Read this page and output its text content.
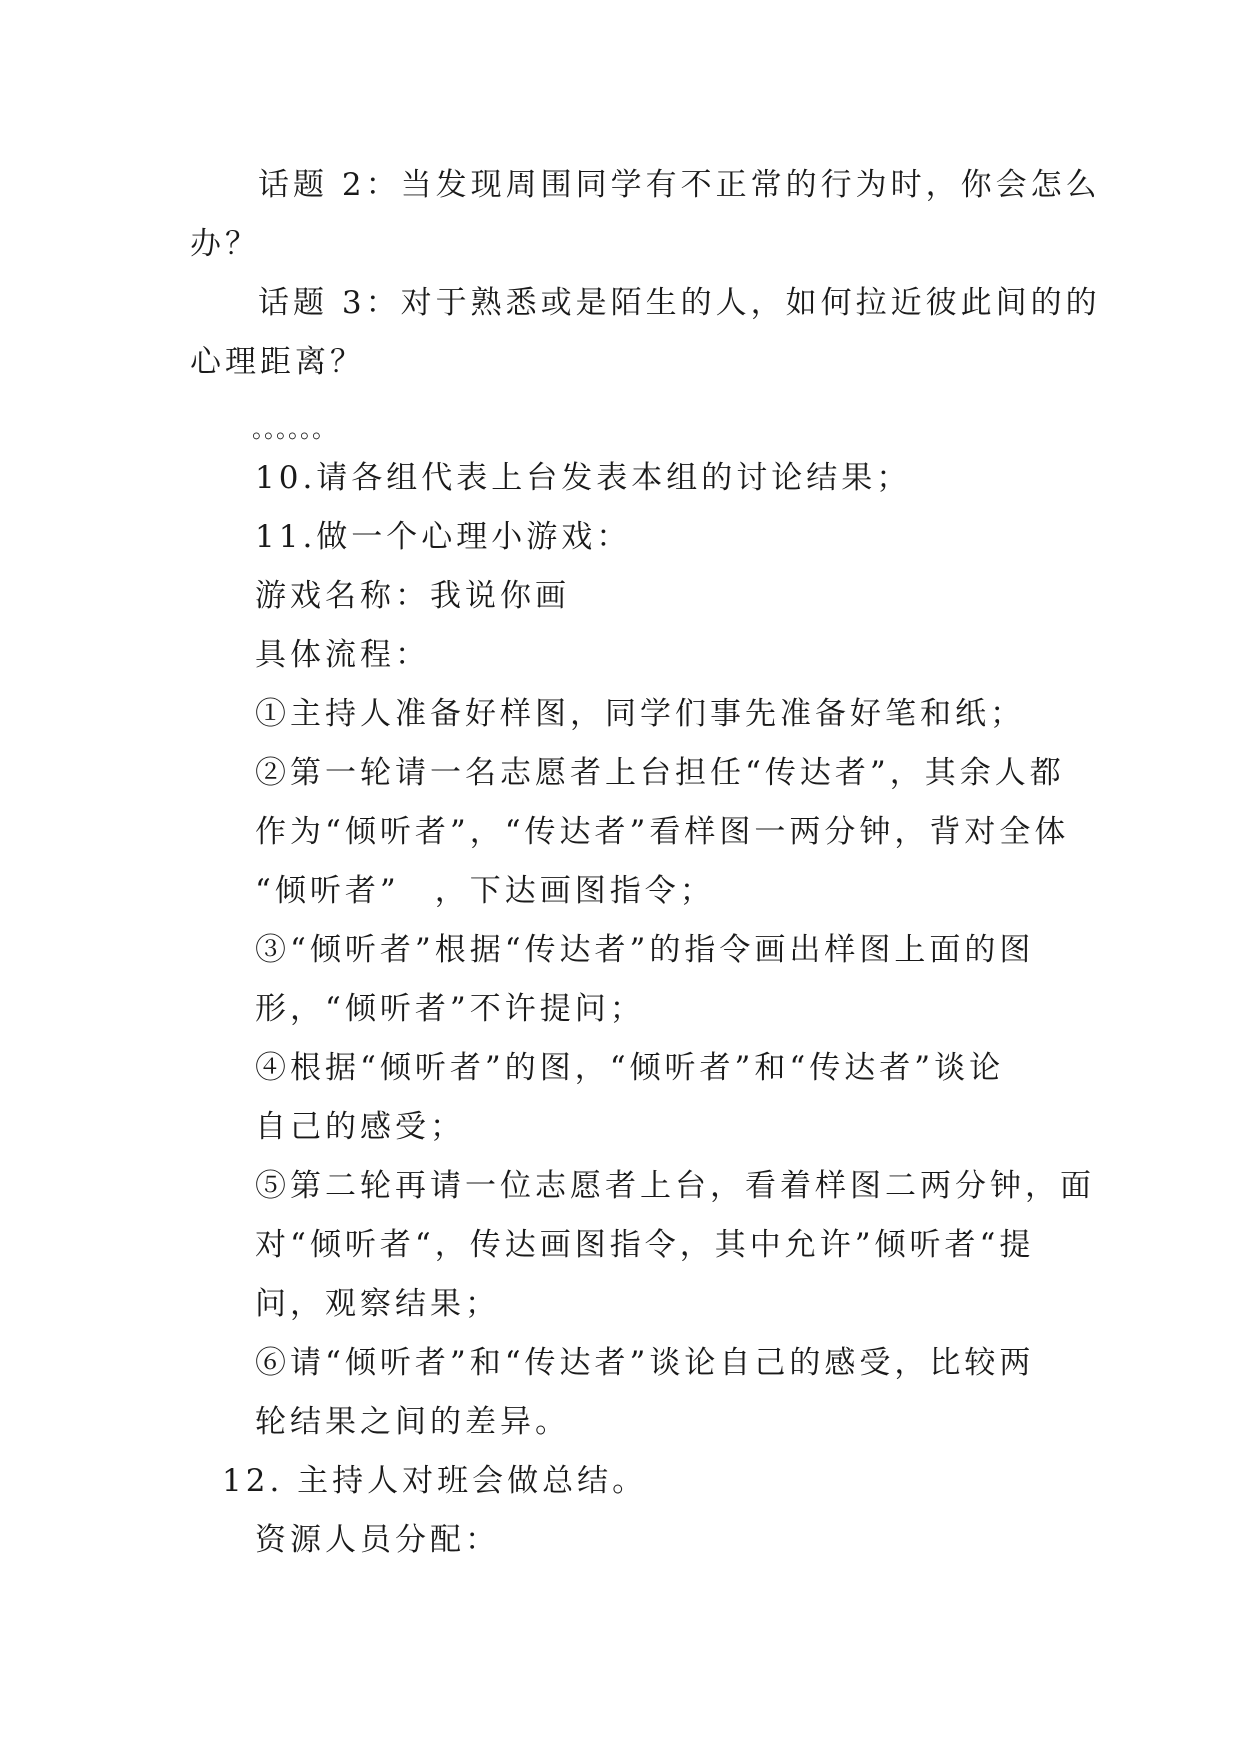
话题 2：当发现周围同学有不正常的行为时，你会怎么
办？
话题 3：对于熟悉或是陌生的人，如何拉近彼此间的的
心理距离？
。。。。。。
10.请各组代表上台发表本组的讨论结果；
11.做一个心理小游戏：
游戏名称：我说你画
具体流程：
①主持人准备好样图，同学们事先准备好笔和纸；
②第一轮请一名志愿者上台担任“传达者”，其余人都
作为“倾听者”，“传达者”看样图一两分钟，背对全体
“倾听者”　，下达画图指令；
③“倾听者”根据“传达者”的指令画出样图上面的图
形，“倾听者”不许提问；
④根据“倾听者”的图，“倾听者”和“传达者”谈论
自己的感受；
⑤第二轮再请一位志愿者上台，看着样图二两分钟，面
对“倾听者“，传达画图指令，其中允许”倾听者“提
问，观察结果；
⑥请“倾听者”和“传达者”谈论自己的感受，比较两
轮结果之间的差异。
12. 主持人对班会做总结。
资源人员分配：
